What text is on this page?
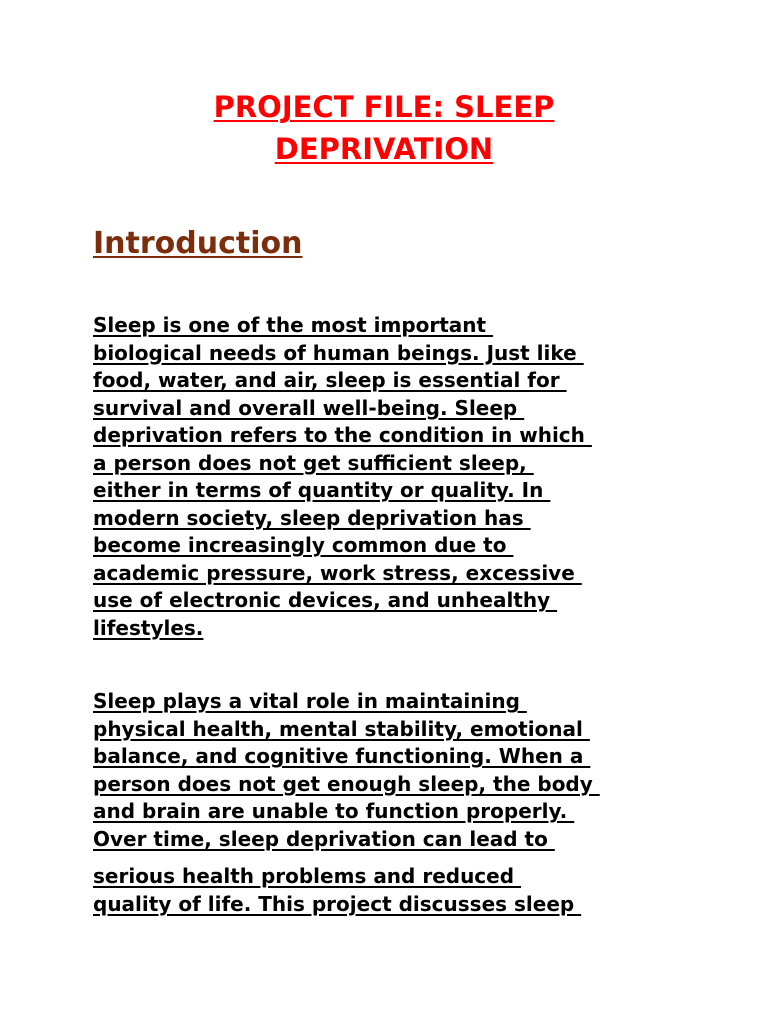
PROJECT FILE: SLEEP
DEPRIVATION
Introduction
Sleep is one of the most important
biological needs of human beings. Just like
food, water, and air, sleep is essential for
survival and overall well-being. Sleep
deprivation refers to the condition in which
a person does not get sufficient sleep,
either in terms of quantity or quality. In
modern society, sleep deprivation has
become increasingly common due to
academic pressure, work stress, excessive
use of electronic devices, and unhealthy
lifestyles.
Sleep plays a vital role in maintaining
physical health, mental stability, emotional
balance, and cognitive functioning. When a
person does not get enough sleep, the body
and brain are unable to function properly.
Over time, sleep deprivation can lead to
serious health problems and reduced
quality of life. This project discusses sleep
